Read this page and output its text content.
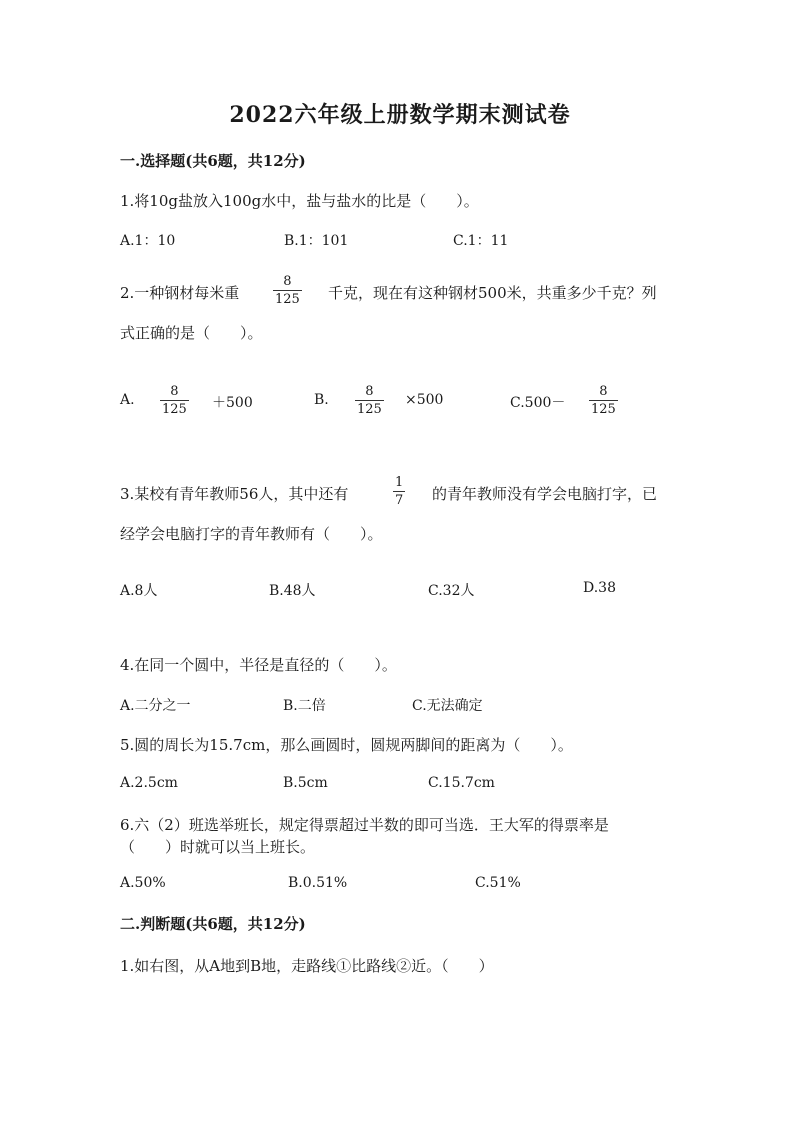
2022六年级上册数学期末测试卷
一.选择题(共6题，共12分)
1.将10g盐放入100g水中，盐与盐水的比是（　　）。
A.1：10	B.1：101	C.1：11
2.一种钢材每米重
8
125 千克，现在有这种钢材500米，共重多少千克？列
式正确的是（　　）。
A.
8
125 ＋500	B.
8
125
×500	C.500－
8
125
3.某校有青年教师56人，其中还有
1
7 的青年教师没有学会电脑打字，已
经学会电脑打字的青年教师有（　　）。
A.8人	B.48人	C.32人	D.38
4.在同一个圆中，半径是直径的（　　）。
A.二分之一	B.二倍	C.无法确定
5.圆的周长为15.7cm，那么画圆时，圆规两脚间的距离为（　　）。
A.2.5cm	B.5cm	C.15.7cm
6.六（2）班选举班长，规定得票超过半数的即可当选．王大军的得票率是
（　　）时就可以当上班长。
A.50%	B.0.51%	C.51%
二.判断题(共6题，共12分)
1.如右图，从A地到B地，走路线①比路线②近。（　　）
